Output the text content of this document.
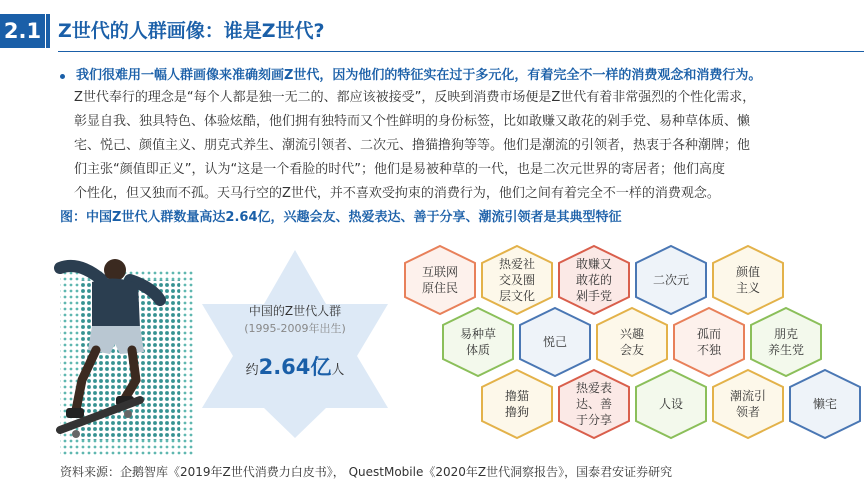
2.1 Z世代的人群画像：谁是Z世代?
我们很难用一幅人群画像来准确刻画Z世代，因为他们的特征实在过于多元化，有着完全不一样的消费观念和消费行为。
Z世代奉行的理念是“每个人都是独一无二的、都应该被接受”，反映到消费市场便是Z世代有着非常强烈的个性化需求，
彰显自我、独具特色、体验炫酷，他们拥有独特而又个性鲜明的身份标签，比如敢赚又敢花的剁手党、易种草体质、懒
宅、悦己、颜值主义、朋克式养生、潮流引领者、二次元、撸猫撸狗等等。他们是潮流的引领者，热衷于各种潮牌；他
们主张“颜值即正义”，认为“这是一个看脸的时代”；他们是易被种草的一代，也是二次元世界的寄居者；他们高度
个性化，但又独而不孤。天马行空的Z世代，并不喜欢受拘束的消费行为，他们之间有着完全不一样的消费观念。
图：中国Z世代人群数量高达2.64亿，兴趣会友、热爱表达、善于分享、潮流引领者是其典型特征
中国的Z世代人群
(1995-2009年出生)
约2.64亿人
互联网
原住民
热爱社
交及圈
层文化
敢赚又
敢花的
剁手党
二次元
颜值
主义
易种草
体质
悦己
兴趣
会友
孤而
不独
朋克
养生党
撸猫
撸狗
热爱表
达、善
于分享
人设
潮流引
领者
懒宅
资料来源：企鹅智库《2019年Z世代消费力白皮书》， QuestMobile《2020年Z世代洞察报告》，国泰君安证券研究
